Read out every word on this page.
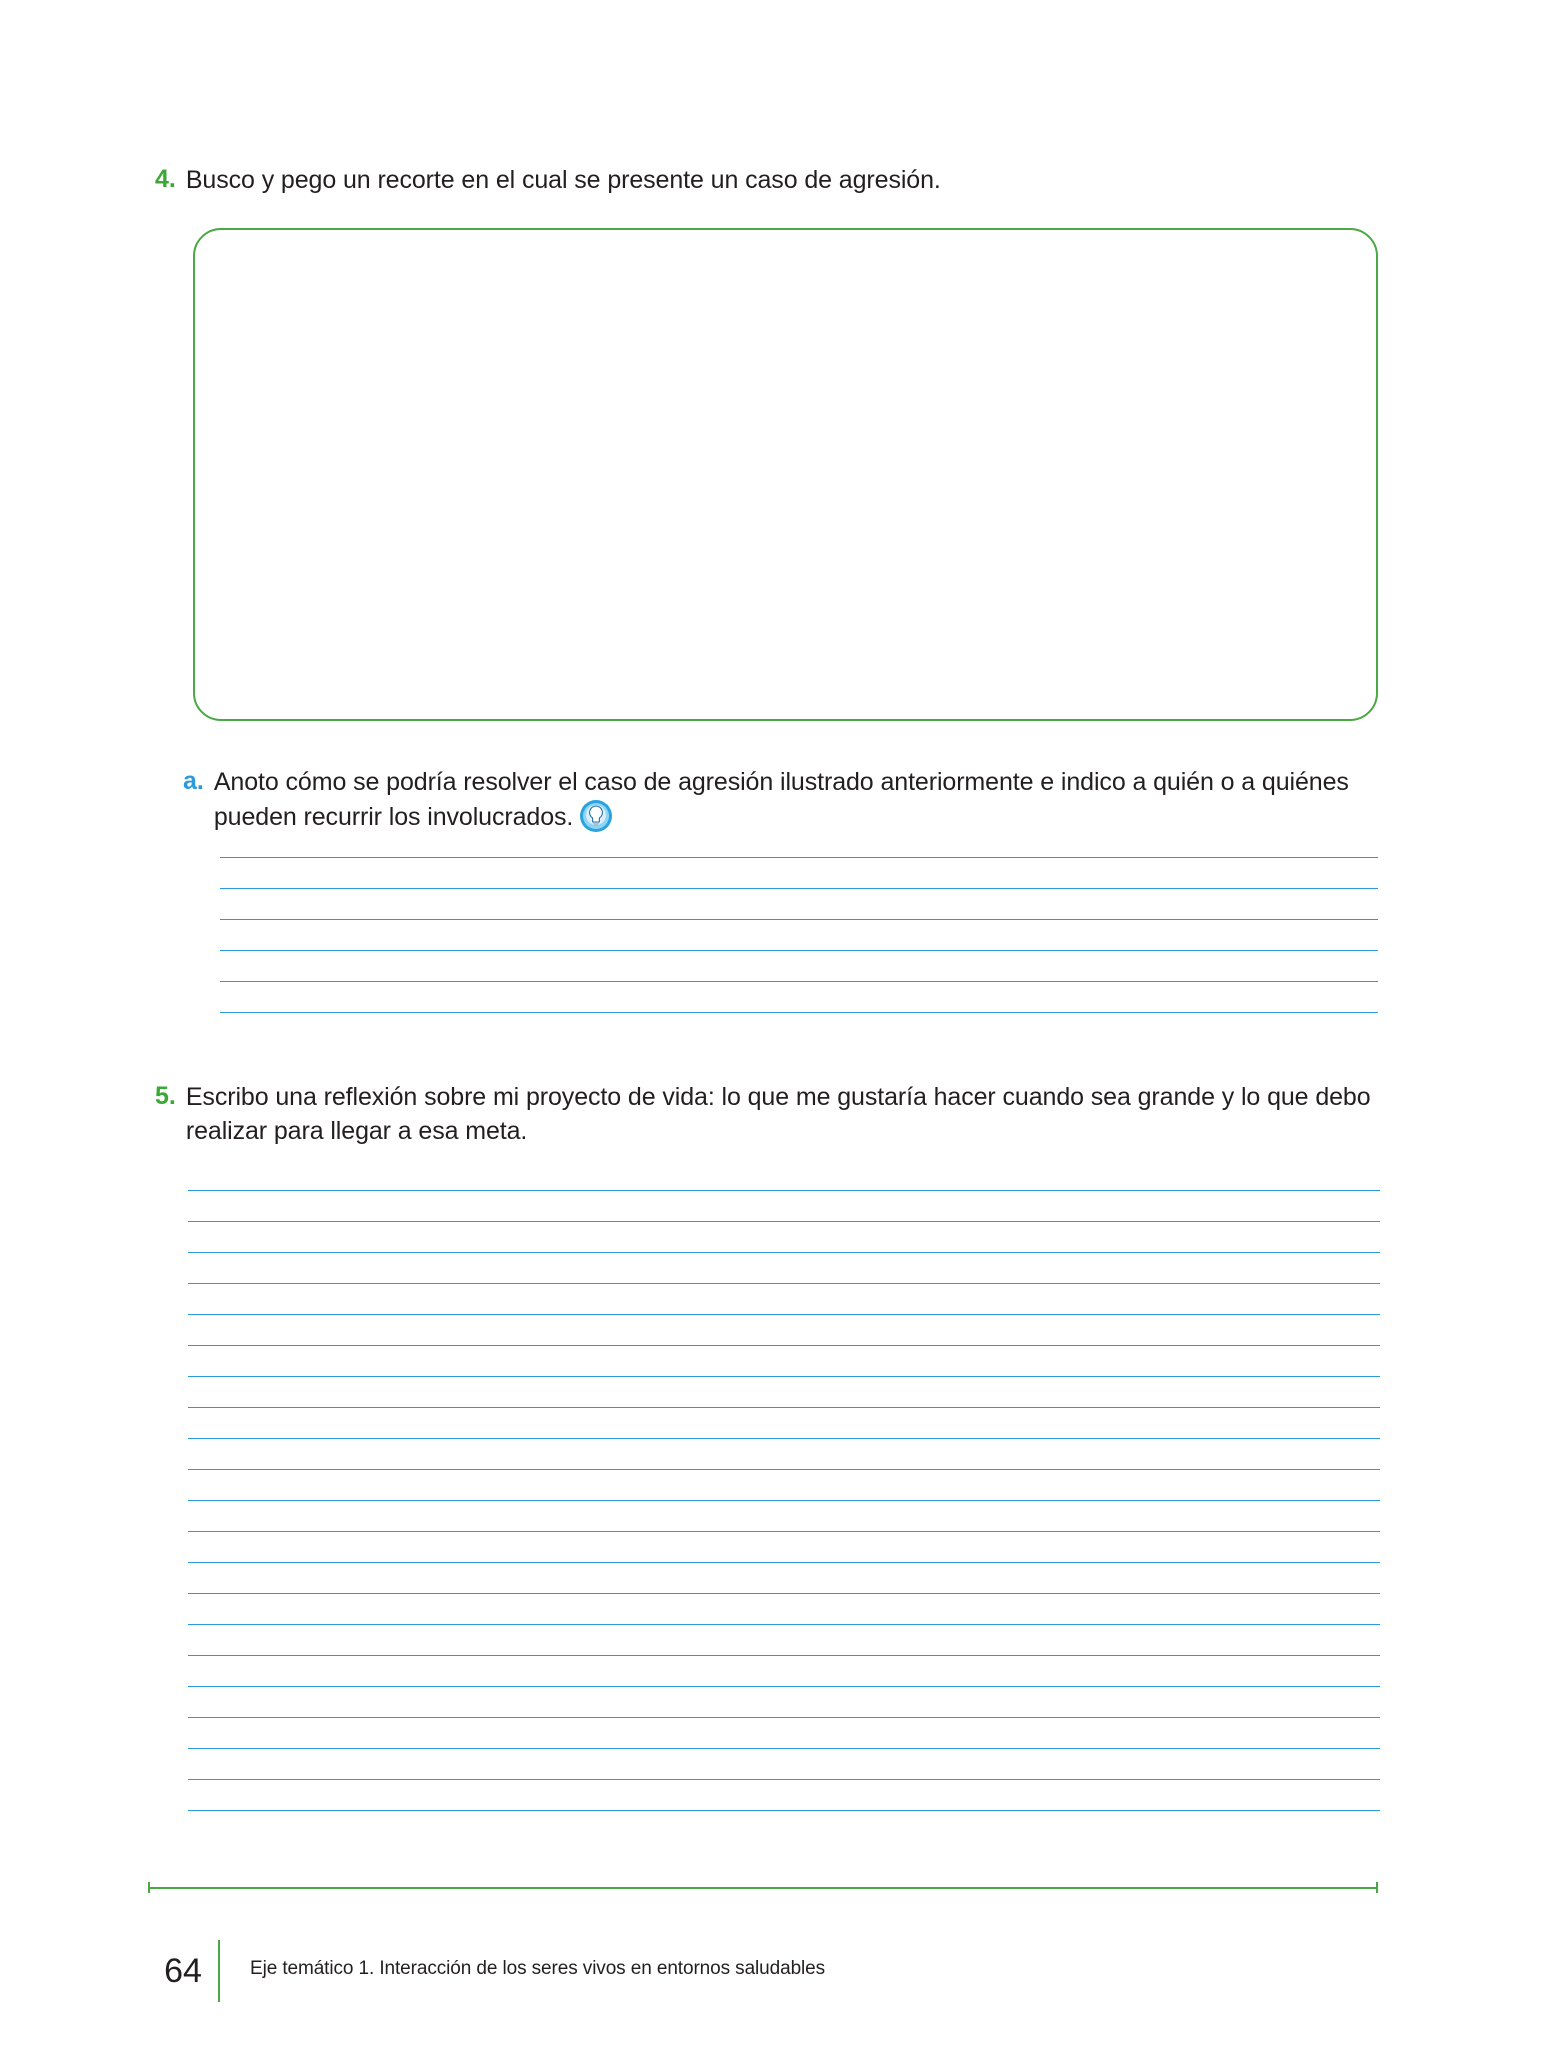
4. Busco y pego un recorte en el cual se presente un caso de agresión.
a. Anoto cómo se podría resolver el caso de agresión ilustrado anteriormente e indico a quién o a quiénes pueden recurrir los involucrados.
5. Escribo una reflexión sobre mi proyecto de vida: lo que me gustaría hacer cuando sea grande y lo que debo realizar para llegar a esa meta.
64	Eje temático 1. Interacción de los seres vivos en entornos saludables
